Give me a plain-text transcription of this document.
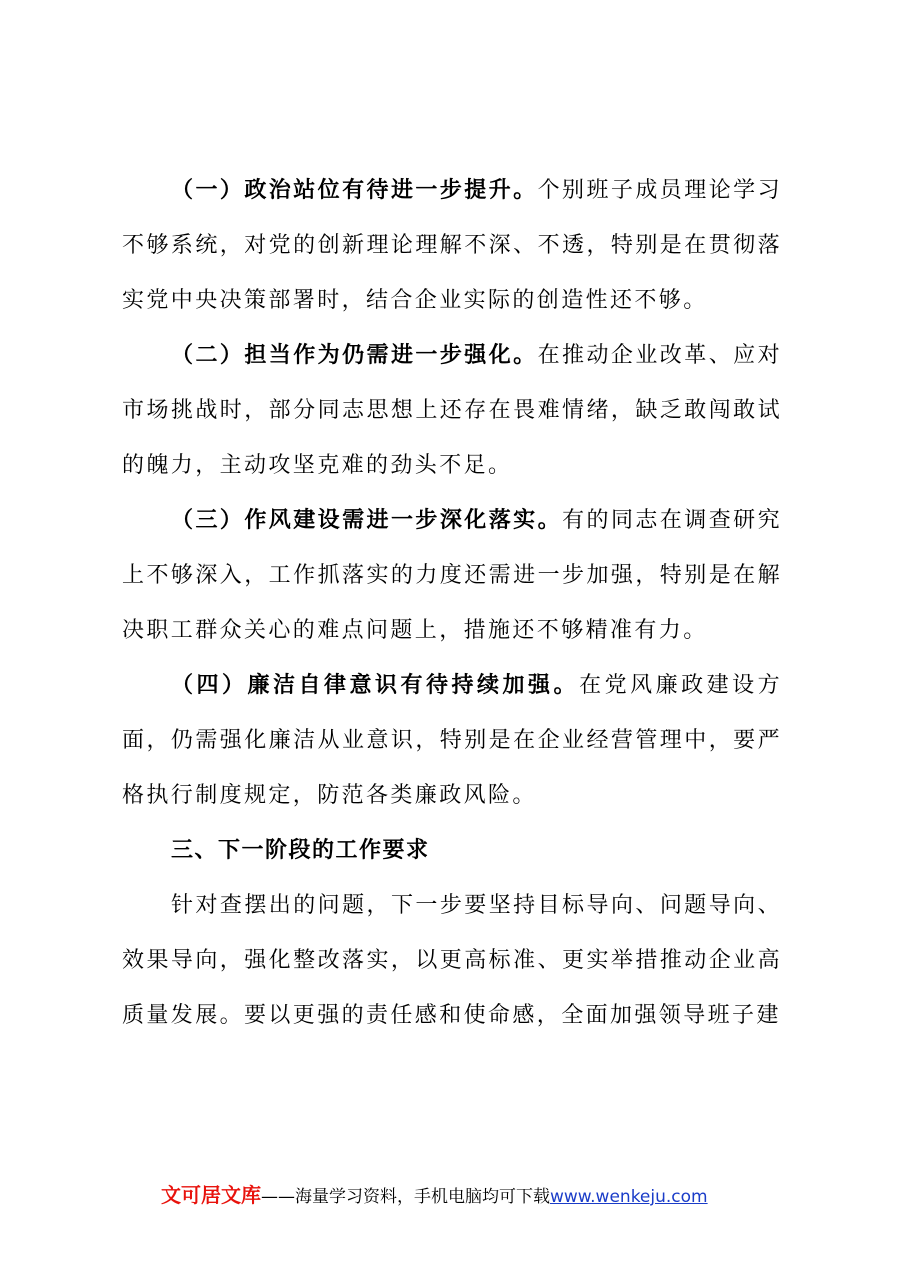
（一）政治站位有待进一步提升。个别班子成员理论学习不够系统，对党的创新理论理解不深、不透，特别是在贯彻落实党中央决策部署时，结合企业实际的创造性还不够。

（二）担当作为仍需进一步强化。在推动企业改革、应对市场挑战时，部分同志思想上还存在畏难情绪，缺乏敢闯敢试的魄力，主动攻坚克难的劲头不足。

（三）作风建设需进一步深化落实。有的同志在调查研究上不够深入，工作抓落实的力度还需进一步加强，特别是在解决职工群众关心的难点问题上，措施还不够精准有力。

（四）廉洁自律意识有待持续加强。在党风廉政建设方面，仍需强化廉洁从业意识，特别是在企业经营管理中，要严格执行制度规定，防范各类廉政风险。

三、下一阶段的工作要求

针对查摆出的问题，下一步要坚持目标导向、问题导向、效果导向，强化整改落实，以更高标准、更实举措推动企业高质量发展。要以更强的责任感和使命感，全面加强领导班子建

文可居文库——海量学习资料，手机电脑均可下载www.wenkeju.com
